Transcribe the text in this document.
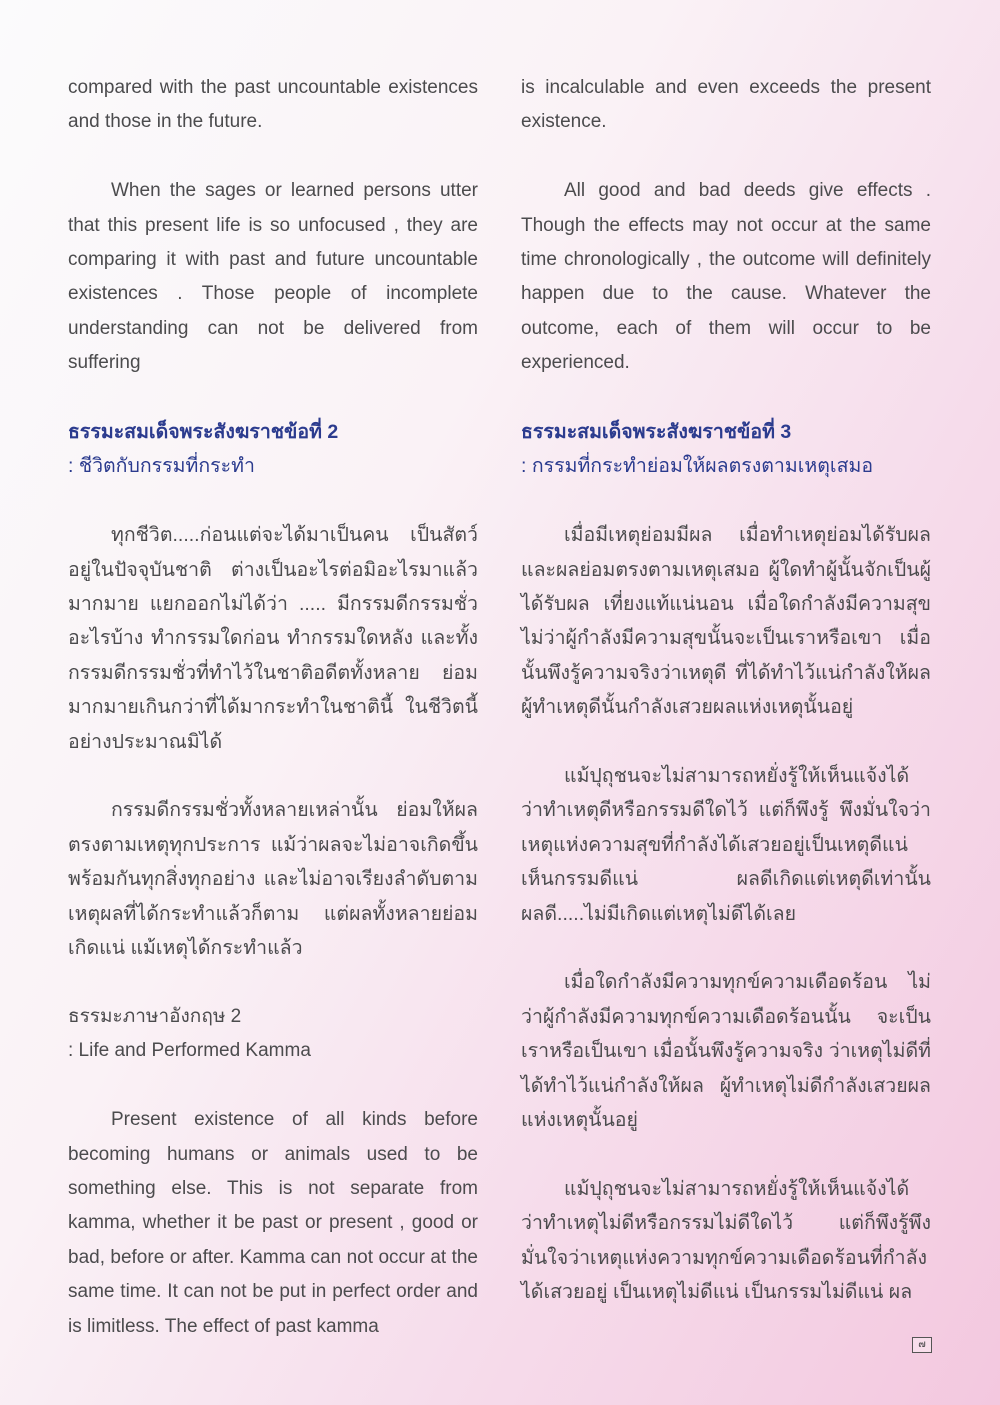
compared with the past uncountable existences and those in the future.

When the sages or learned persons utter that this present life is so unfocused , they are comparing it with past and future uncountable existences . Those people of incomplete understanding can not be delivered from suffering

ธรรมะสมเด็จพระสังฆราชข้อที่ 2
: ชีวิตกับกรรมที่กระทำ

ทุกชีวิต.....ก่อนแต่จะได้มาเป็นคน เป็นสัตว์ อยู่ในปัจจุบันชาติ ต่างเป็นอะไรต่อมิอะไรมาแล้วมากมาย แยกออกไม่ได้ว่า ..... มีกรรมดีกรรมชั่วอะไรบ้าง ทำกรรมใดก่อน ทำกรรมใดหลัง และทั้งกรรมดีกรรมชั่วที่ทำไว้ในชาติอดีตทั้งหลาย ย่อมมากมายเกินกว่าที่ได้มากระทำในชาตินี้ ในชีวิตนี้อย่างประมาณมิได้

กรรมดีกรรมชั่วทั้งหลายเหล่านั้น ย่อมให้ผลตรงตามเหตุทุกประการ แม้ว่าผลจะไม่อาจเกิดขึ้นพร้อมกันทุกสิ่งทุกอย่าง และไม่อาจเรียงลำดับตามเหตุผลที่ได้กระทำแล้วก็ตาม แต่ผลทั้งหลายย่อมเกิดแน่ แม้เหตุได้กระทำแล้ว

ธรรมะภาษาอังกฤษ 2
: Life and Performed Kamma

Present existence of all kinds before becoming humans or animals used to be something else. This is not separate from kamma, whether it be past or present , good or bad, before or after. Kamma can not occur at the same time. It can not be put in perfect order and is limitless. The effect of past kamma

is incalculable and even exceeds the present existence.

All good and bad deeds give effects . Though the effects may not occur at the same time chronologically , the outcome will definitely happen due to the cause. Whatever the outcome, each of them will occur to be experienced.

ธรรมะสมเด็จพระสังฆราชข้อที่ 3
: กรรมที่กระทำย่อมให้ผลตรงตามเหตุเสมอ

เมื่อมีเหตุย่อมมีผล เมื่อทำเหตุย่อมได้รับผลและผลย่อมตรงตามเหตุเสมอ ผู้ใดทำผู้นั้นจักเป็นผู้ได้รับผล เที่ยงแท้แน่นอน เมื่อใดกำลังมีความสุข ไม่ว่าผู้กำลังมีความสุขนั้นจะเป็นเราหรือเขา เมื่อนั้นพึงรู้ความจริงว่าเหตุดี ที่ได้ทำไว้แน่กำลังให้ผล ผู้ทำเหตุดีนั้นกำลังเสวยผลแห่งเหตุนั้นอยู่

แม้ปุถุชนจะไม่สามารถหยั่งรู้ให้เห็นแจ้งได้ว่าทำเหตุดีหรือกรรมดีใดไว้ แต่ก็พึงรู้ พึงมั่นใจว่าเหตุแห่งความสุขที่กำลังได้เสวยอยู่เป็นเหตุดีแน่เห็นกรรมดีแน่ ผลดีเกิดแต่เหตุดีเท่านั้น ผลดี.....ไม่มีเกิดแต่เหตุไม่ดีได้เลย

เมื่อใดกำลังมีความทุกข์ความเดือดร้อน ไม่ว่าผู้กำลังมีความทุกข์ความเดือดร้อนนั้น จะเป็นเราหรือเป็นเขา เมื่อนั้นพึงรู้ความจริง ว่าเหตุไม่ดีที่ได้ทำไว้แน่กำลังให้ผล ผู้ทำเหตุไม่ดีกำลังเสวยผลแห่งเหตุนั้นอยู่

แม้ปุถุชนจะไม่สามารถหยั่งรู้ให้เห็นแจ้งได้ว่าทำเหตุไม่ดีหรือกรรมไม่ดีใดไว้ แต่ก็พึงรู้พึงมั่นใจว่าเหตุแห่งความทุกข์ความเดือดร้อนที่กำลังได้เสวยอยู่ เป็นเหตุไม่ดีแน่ เป็นกรรมไม่ดีแน่ ผล

๗
